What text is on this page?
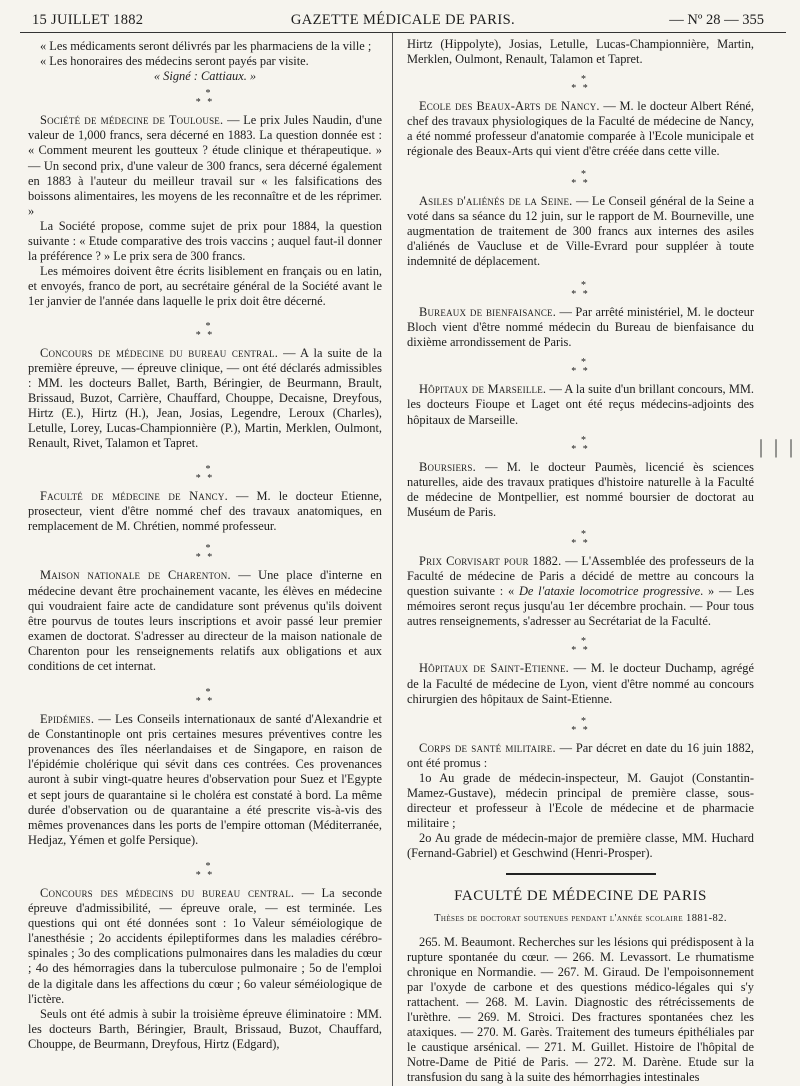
15 JUILLET 1882	GAZETTE MÉDICALE DE PARIS.	— Nº 28 — 355

« Les médicaments seront délivrés par les pharmaciens de la ville ;

« Les honoraires des médecins seront payés par visite.

« Signé : Cattiaux. »

*
* *

Société de médecine de Toulouse. — Le prix Jules Naudin, d'une valeur de 1,000 francs, sera décerné en 1883. La question donnée est : « Comment meurent les goutteux ? étude clinique et thérapeutique. » — Un second prix, d'une valeur de 300 francs, sera décerné également en 1883 à l'auteur du meilleur travail sur « les falsifications des boissons alimentaires, les moyens de les reconnaître et de les réprimer. »

La Société propose, comme sujet de prix pour 1884, la question suivante : « Etude comparative des trois vaccins ; auquel faut-il donner la préférence ? » Le prix sera de 300 francs.

Les mémoires doivent être écrits lisiblement en français ou en latin, et envoyés, franco de port, au secrétaire général de la Société avant le 1er janvier de l'année dans laquelle le prix doit être décerné.

*
* *

Concours de médecine du bureau central. — A la suite de la première épreuve, — épreuve clinique, — ont été déclarés admissibles : MM. les docteurs Ballet, Barth, Béringier, de Beurmann, Brault, Brissaud, Buzot, Carrière, Chauffard, Chouppe, Decaisne, Dreyfous, Hirtz (E.), Hirtz (H.), Jean, Josias, Legendre, Leroux (Charles), Letulle, Lorey, Lucas-Championnière (P.), Martin, Merklen, Oulmont, Renault, Rivet, Talamon et Tapret.

*
* *

Faculté de médecine de Nancy. — M. le docteur Etienne, prosecteur, vient d'être nommé chef des travaux anatomiques, en remplacement de M. Chrétien, nommé professeur.

*
* *

Maison nationale de Charenton. — Une place d'interne en médecine devant être prochainement vacante, les élèves en médecine qui voudraient faire acte de candidature sont prévenus qu'ils doivent être pourvus de toutes leurs inscriptions et avoir passé leur premier examen de doctorat. S'adresser au directeur de la maison nationale de Charenton pour les renseignements relatifs aux obligations et aux conditions de cet internat.

*
* *

Epidémies. — Les Conseils internationaux de santé d'Alexandrie et de Constantinople ont pris certaines mesures préventives contre les provenances des îles néerlandaises et de Singapore, en raison de l'épidémie cholérique qui sévit dans ces contrées. Ces provenances auront à subir vingt-quatre heures d'observation pour Suez et l'Egypte et sept jours de quarantaine si le choléra est constaté à bord. La même durée d'observation ou de quarantaine a été prescrite vis-à-vis des mêmes provenances dans les ports de l'empire ottoman (Méditerranée, Hedjaz, Yémen et golfe Persique).

*
* *

Concours des médecins du bureau central. — La seconde épreuve d'admissibilité, — épreuve orale, — est terminée. Les questions qui ont été données sont : 1o Valeur séméiologique de l'anesthésie ; 2o accidents épileptiformes dans les maladies cérébro-spinales ; 3o des complications pulmonaires dans les maladies du cœur ; 4o des hémorragies dans la tuberculose pulmonaire ; 5o de l'emploi de la digitale dans les affections du cœur ; 6o valeur séméiologique de l'ictère.

Seuls ont été admis à subir la troisième épreuve éliminatoire : MM. les docteurs Barth, Béringier, Brault, Brissaud, Buzot, Chauffard, Chouppe, de Beurmann, Dreyfous, Hirtz (Edgard),

Hirtz (Hippolyte), Josias, Letulle, Lucas-Championnière, Martin, Merklen, Oulmont, Renault, Talamon et Tapret.

*
* *

Ecole des Beaux-Arts de Nancy. — M. le docteur Albert Réné, chef des travaux physiologiques de la Faculté de médecine de Nancy, a été nommé professeur d'anatomie comparée à l'Ecole municipale et régionale des Beaux-Arts qui vient d'être créée dans cette ville.

*
* *

Asiles d'aliénés de la Seine. — Le Conseil général de la Seine a voté dans sa séance du 12 juin, sur le rapport de M. Bourneville, une augmentation de traitement de 300 francs aux internes des asiles d'aliénés de Vaucluse et de Ville-Evrard pour suppléer à toute indemnité de déplacement.

*
* *

Bureaux de bienfaisance. — Par arrêté ministériel, M. le docteur Bloch vient d'être nommé médecin du Bureau de bienfaisance du dixième arrondissement de Paris.

*
* *

Hôpitaux de Marseille. — A la suite d'un brillant concours, MM. les docteurs Fioupe et Laget ont été reçus médecins-adjoints des hôpitaux de Marseille.

*
* *

Boursiers. — M. le docteur Paumès, licencié ès sciences naturelles, aide des travaux pratiques d'histoire naturelle à la Faculté de médecine de Montpellier, est nommé boursier de doctorat au Muséum de Paris.

*
* *

Prix Corvisart pour 1882. — L'Assemblée des professeurs de la Faculté de médecine de Paris a décidé de mettre au concours la question suivante : « De l'ataxie locomotrice progressive. » — Les mémoires seront reçus jusqu'au 1er décembre prochain. — Pour tous autres renseignements, s'adresser au Secrétariat de la Faculté.

*
* *

Hôpitaux de Saint-Etienne. — M. le docteur Duchamp, agrégé de la Faculté de médecine de Lyon, vient d'être nommé au concours chirurgien des hôpitaux de Saint-Etienne.

*
* *

Corps de santé militaire. — Par décret en date du 16 juin 1882, ont été promus :

1o Au grade de médecin-inspecteur, M. Gaujot (Constantin-Mamez-Gustave), médecin principal de première classe, sous-directeur et professeur à l'Ecole de médecine et de pharmacie militaire ;

2o Au grade de médecin-major de première classe, MM. Huchard (Fernand-Gabriel) et Geschwind (Henri-Prosper).

FACULTÉ DE MÉDECINE DE PARIS
Thèses de doctorat soutenues pendant l'année scolaire 1881-82.

265. M. Beaumont. Recherches sur les lésions qui prédisposent à la rupture spontanée du cœur. — 266. M. Levassort. Le rhumatisme chronique en Normandie. — 267. M. Giraud. De l'empoisonnement par l'oxyde de carbone et des questions médico-légales qui s'y rattachent. — 268. M. Lavin. Diagnostic des rétrécissements de l'urèthre. — 269. M. Stroici. Des fractures spontanées chez les ataxiques. — 270. M. Garès. Traitement des tumeurs épithéliales par le caustique arsénical. — 271. M. Guillet. Histoire de l'hôpital de Notre-Dame de Pitié de Paris. — 272. M. Darène. Etude sur la transfusion du sang à la suite des hémorrhagies intestinales

| | |
